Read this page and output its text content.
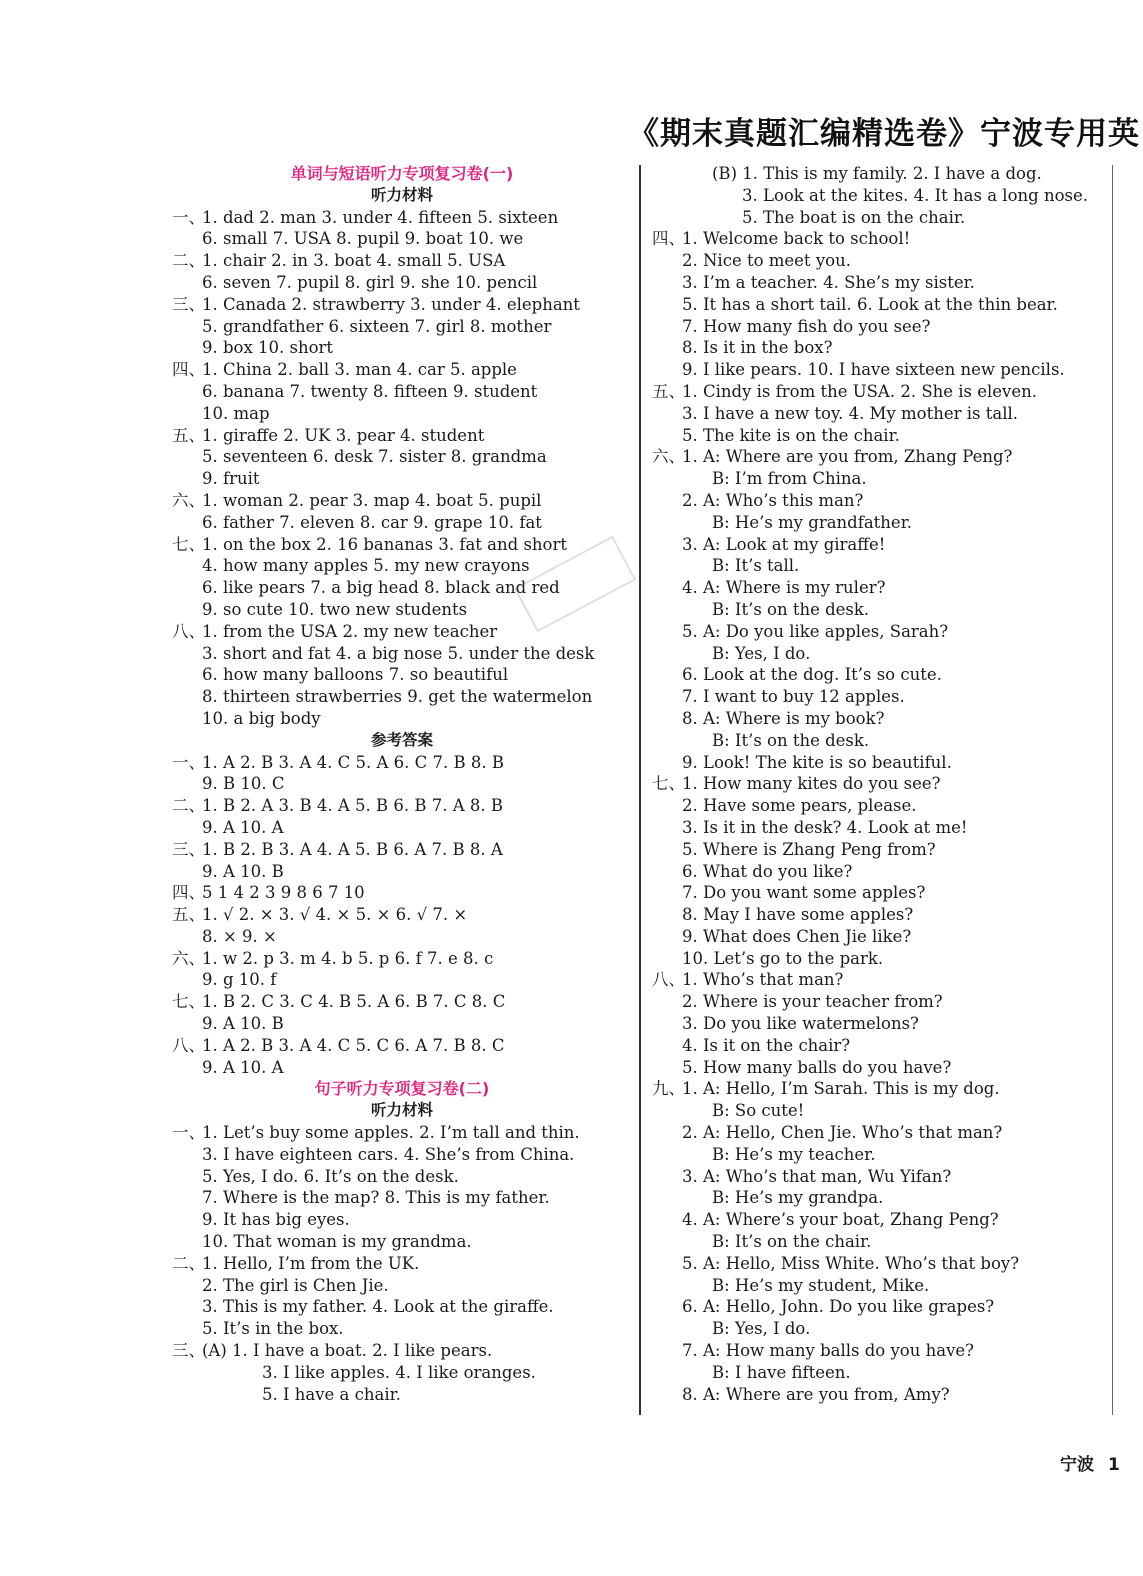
《期末真题汇编精选卷》宁波专用英
单词与短语听力专项复习卷(一)
听力材料
一、1. dad 2. man 3. under 4. fifteen 5. sixteen
6. small 7. USA 8. pupil 9. boat 10. we
二、1. chair 2. in 3. boat 4. small 5. USA
6. seven 7. pupil 8. girl 9. she 10. pencil
三、1. Canada 2. strawberry 3. under 4. elephant
5. grandfather 6. sixteen 7. girl 8. mother
9. box 10. short
四、1. China 2. ball 3. man 4. car 5. apple
6. banana 7. twenty 8. fifteen 9. student
10. map
五、1. giraffe 2. UK 3. pear 4. student
5. seventeen 6. desk 7. sister 8. grandma
9. fruit
六、1. woman 2. pear 3. map 4. boat 5. pupil
6. father 7. eleven 8. car 9. grape 10. fat
七、1. on the box 2. 16 bananas 3. fat and short
4. how many apples 5. my new crayons
6. like pears 7. a big head 8. black and red
9. so cute 10. two new students
八、1. from the USA 2. my new teacher
3. short and fat 4. a big nose 5. under the desk
6. how many balloons 7. so beautiful
8. thirteen strawberries 9. get the watermelon
10. a big body
参考答案
一、1. A 2. B 3. A 4. C 5. A 6. C 7. B 8. B
9. B 10. C
二、1. B 2. A 3. B 4. A 5. B 6. B 7. A 8. B
9. A 10. A
三、1. B 2. B 3. A 4. A 5. B 6. A 7. B 8. A
9. A 10. B
四、5 1 4 2 3 9 8 6 7 10
五、1. √ 2. × 3. √ 4. × 5. × 6. √ 7. ×
8. × 9. ×
六、1. w 2. p 3. m 4. b 5. p 6. f 7. e 8. c
9. g 10. f
七、1. B 2. C 3. C 4. B 5. A 6. B 7. C 8. C
9. A 10. B
八、1. A 2. B 3. A 4. C 5. C 6. A 7. B 8. C
9. A 10. A
句子听力专项复习卷(二)
听力材料
一、1. Let’s buy some apples. 2. I’m tall and thin.
3. I have eighteen cars. 4. She’s from China.
5. Yes, I do. 6. It’s on the desk.
7. Where is the map? 8. This is my father.
9. It has big eyes.
10. That woman is my grandma.
二、1. Hello, I’m from the UK.
2. The girl is Chen Jie.
3. This is my father. 4. Look at the giraffe.
5. It’s in the box.
三、(A) 1. I have a boat. 2. I like pears.
3. I like apples. 4. I like oranges.
5. I have a chair.
(B) 1. This is my family. 2. I have a dog.
3. Look at the kites. 4. It has a long nose.
5. The boat is on the chair.
四、1. Welcome back to school!
2. Nice to meet you.
3. I’m a teacher. 4. She’s my sister.
5. It has a short tail. 6. Look at the thin bear.
7. How many fish do you see?
8. Is it in the box?
9. I like pears. 10. I have sixteen new pencils.
五、1. Cindy is from the USA. 2. She is eleven.
3. I have a new toy. 4. My mother is tall.
5. The kite is on the chair.
六、1. A: Where are you from, Zhang Peng?
B: I’m from China.
2. A: Who’s this man?
B: He’s my grandfather.
3. A: Look at my giraffe!
B: It’s tall.
4. A: Where is my ruler?
B: It’s on the desk.
5. A: Do you like apples, Sarah?
B: Yes, I do.
6. Look at the dog. It’s so cute.
7. I want to buy 12 apples.
8. A: Where is my book?
B: It’s on the desk.
9. Look! The kite is so beautiful.
七、1. How many kites do you see?
2. Have some pears, please.
3. Is it in the desk? 4. Look at me!
5. Where is Zhang Peng from?
6. What do you like?
7. Do you want some apples?
8. May I have some apples?
9. What does Chen Jie like?
10. Let’s go to the park.
八、1. Who’s that man?
2. Where is your teacher from?
3. Do you like watermelons?
4. Is it on the chair?
5. How many balls do you have?
九、1. A: Hello, I’m Sarah. This is my dog.
B: So cute!
2. A: Hello, Chen Jie. Who’s that man?
B: He’s my teacher.
3. A: Who’s that man, Wu Yifan?
B: He’s my grandpa.
4. A: Where’s your boat, Zhang Peng?
B: It’s on the chair.
5. A: Hello, Miss White. Who’s that boy?
B: He’s my student, Mike.
6. A: Hello, John. Do you like grapes?
B: Yes, I do.
7. A: How many balls do you have?
B: I have fifteen.
8. A: Where are you from, Amy?
宁波 1
